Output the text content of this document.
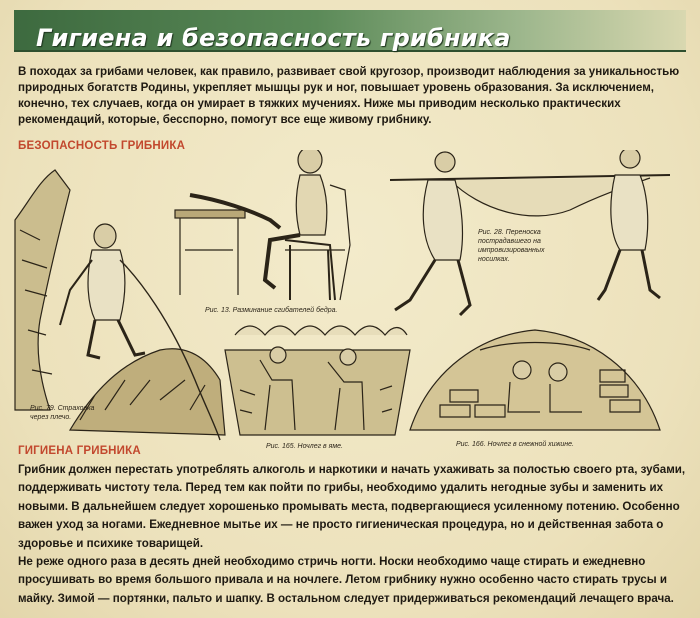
Гигиена и безопасность грибника
В походах за грибами человек, как правило, развивает свой кругозор, производит наблюдения за уникальностью природных богатств Родины, укрепляет мышцы рук и ног, повышает уровень образования. За исключением, конечно, тех случаев, когда он умирает в тяжких мучениях. Ниже мы приводим несколько практических рекомендаций, которые, бесспорно, помогут все еще живому грибнику.
БЕЗОПАСНОСТЬ ГРИБНИКА
Рис. 79. Страховка через плечо.
Рис. 13. Разминание сгибателей бедра.
Рис. 28. Переноска пострадавшего на импровизированных носилках.
Рис. 165. Ночлег в яме.	Рис. 166. Ночлег в снежной хижине.
ГИГИЕНА ГРИБНИКА

Грибник должен перестать употреблять алкоголь и наркотики и начать ухаживать за полостью своего рта, зубами, поддерживать чистоту тела. Перед тем как пойти по грибы, необходимо удалить негодные зубы и заменить их новыми. В дальнейшем следует хорошенько промывать места, подвергающиеся усиленному потению. Особенно важен уход за ногами. Ежедневное мытье их — не просто гигиеническая процедура, но и действенная забота о здоровье и психике товарищей.

Не реже одного раза в десять дней необходимо стричь ногти. Носки необходимо чаще стирать и ежедневно просушивать во время большого привала и на ночлеге. Летом грибнику нужно особенно часто стирать трусы и майку. Зимой — портянки, пальто и шапку. В остальном следует придерживаться рекомендаций лечащего врача.
